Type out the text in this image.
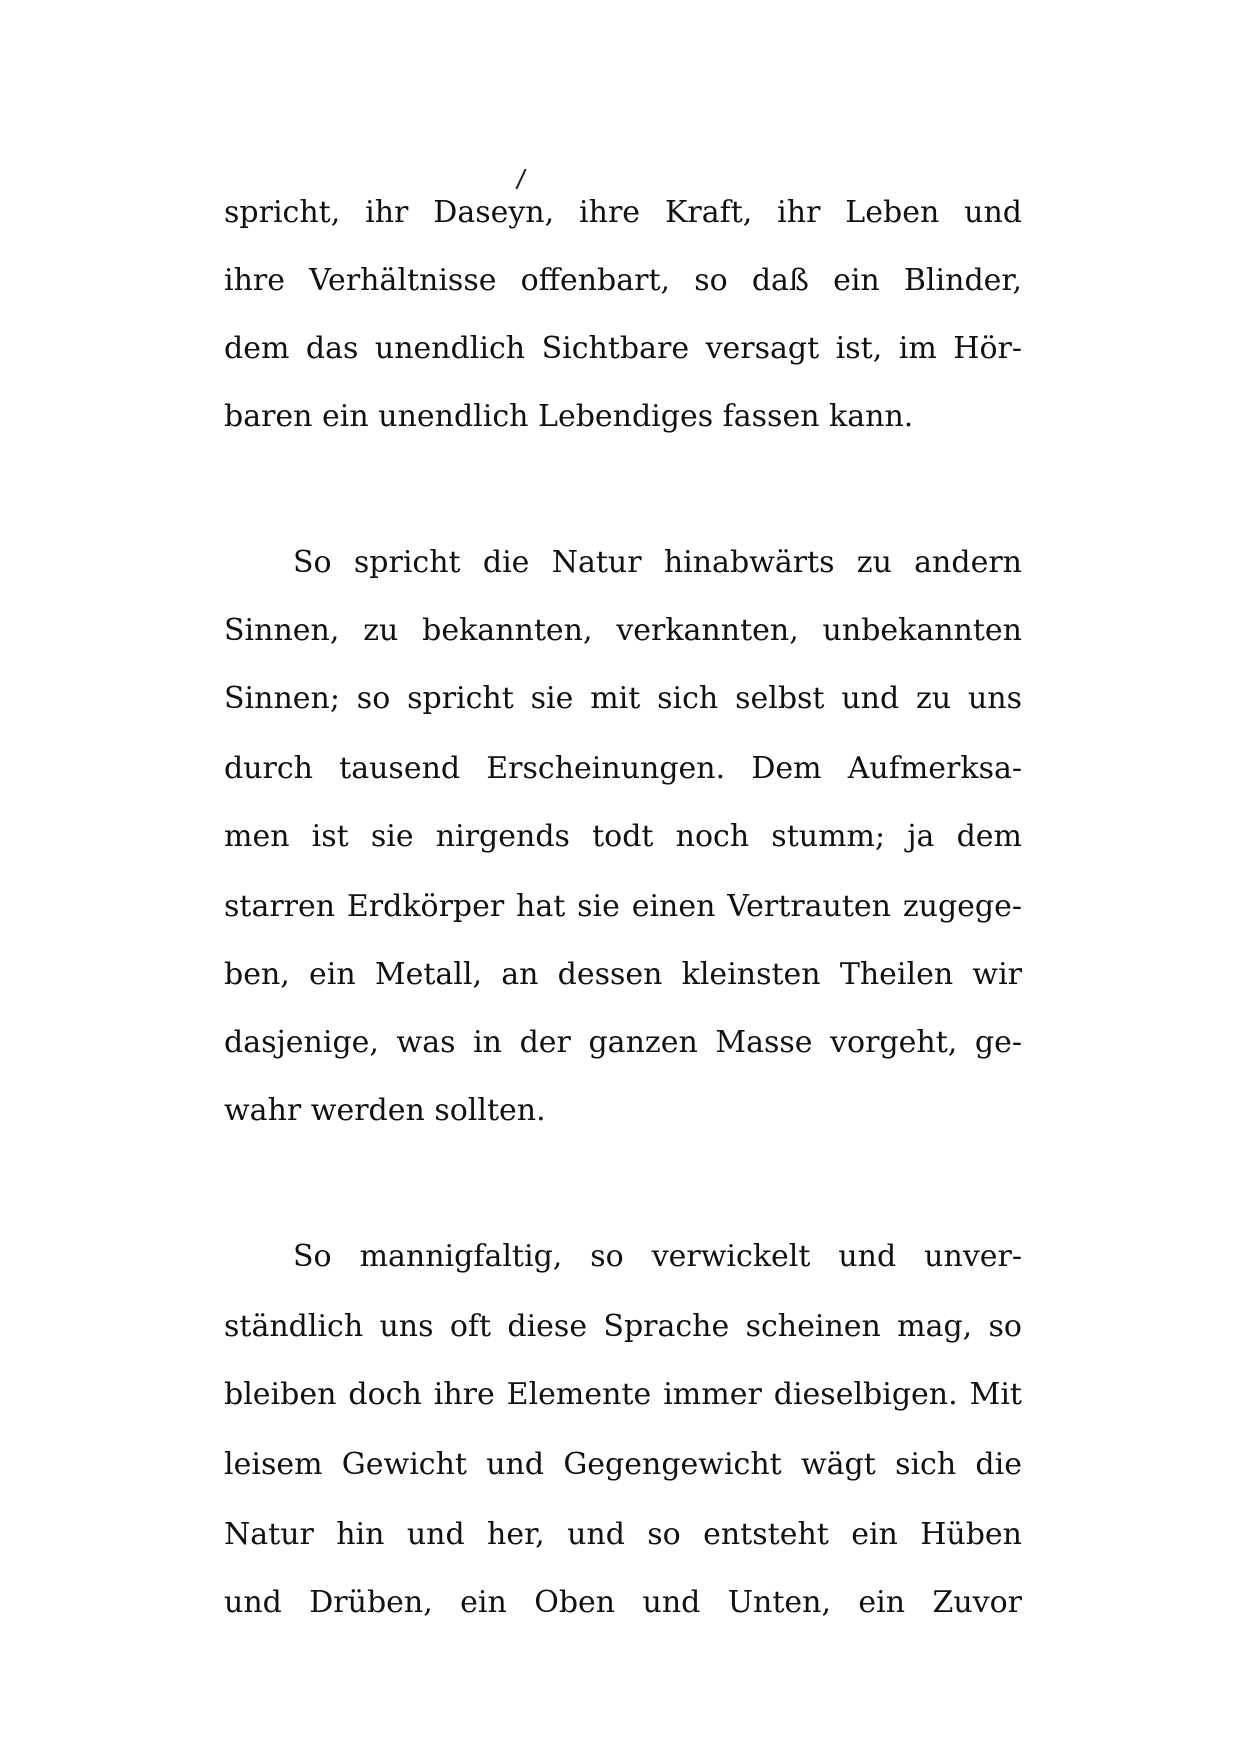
spricht, ihr Daseyn, ihre Kraft, ihr Leben und
ihre Verhältnisse offenbart, so daß ein Blinder,
dem das unendlich Sichtbare versagt ist, im Hör-
baren ein unendlich Lebendiges fassen kann.
So spricht die Natur hinabwärts zu andern
Sinnen, zu bekannten, verkannten, unbekannten
Sinnen; so spricht sie mit sich selbst und zu uns
durch tausend Erscheinungen. Dem Aufmerksa-
men ist sie nirgends todt noch stumm; ja dem
starren Erdkörper hat sie einen Vertrauten zugege-
ben, ein Metall, an dessen kleinsten Theilen wir
dasjenige, was in der ganzen Masse vorgeht, ge-
wahr werden sollten.
So mannigfaltig, so verwickelt und unver-
ständlich uns oft diese Sprache scheinen mag, so
bleiben doch ihre Elemente immer dieselbigen. Mit
leisem Gewicht und Gegengewicht wägt sich die
Natur hin und her, und so entsteht ein Hüben
und Drüben, ein Oben und Unten, ein Zuvor
